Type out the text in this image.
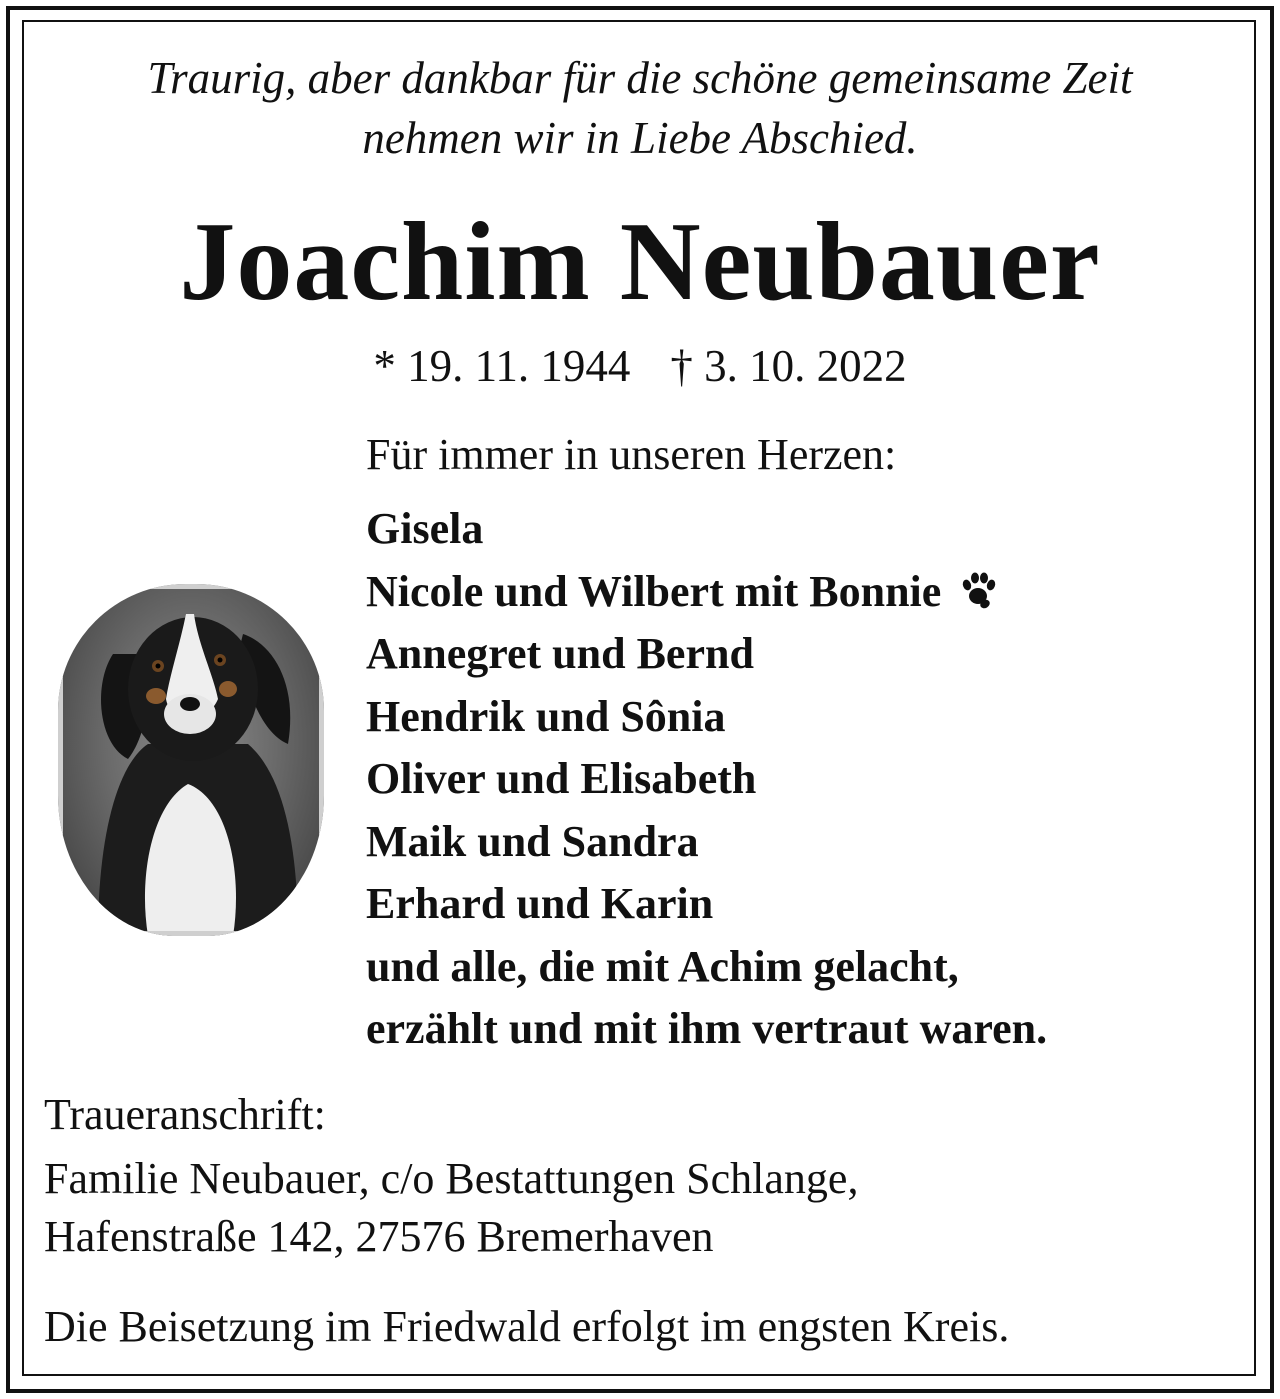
Traurig, aber dankbar für die schöne gemeinsame Zeit
nehmen wir in Liebe Abschied.

Joachim Neubauer

* 19. 11. 1944 † 3. 10. 2022

Für immer in unseren Herzen:

Gisela
Nicole und Wilbert mit Bonnie
Annegret und Bernd
Hendrik und Sônia
Oliver und Elisabeth
Maik und Sandra
Erhard und Karin
und alle, die mit Achim gelacht,
erzählt und mit ihm vertraut waren.

Traueranschrift:

Familie Neubauer, c/o Bestattungen Schlange,
Hafenstraße 142, 27576 Bremerhaven

Die Beisetzung im Friedwald erfolgt im engsten Kreis.
